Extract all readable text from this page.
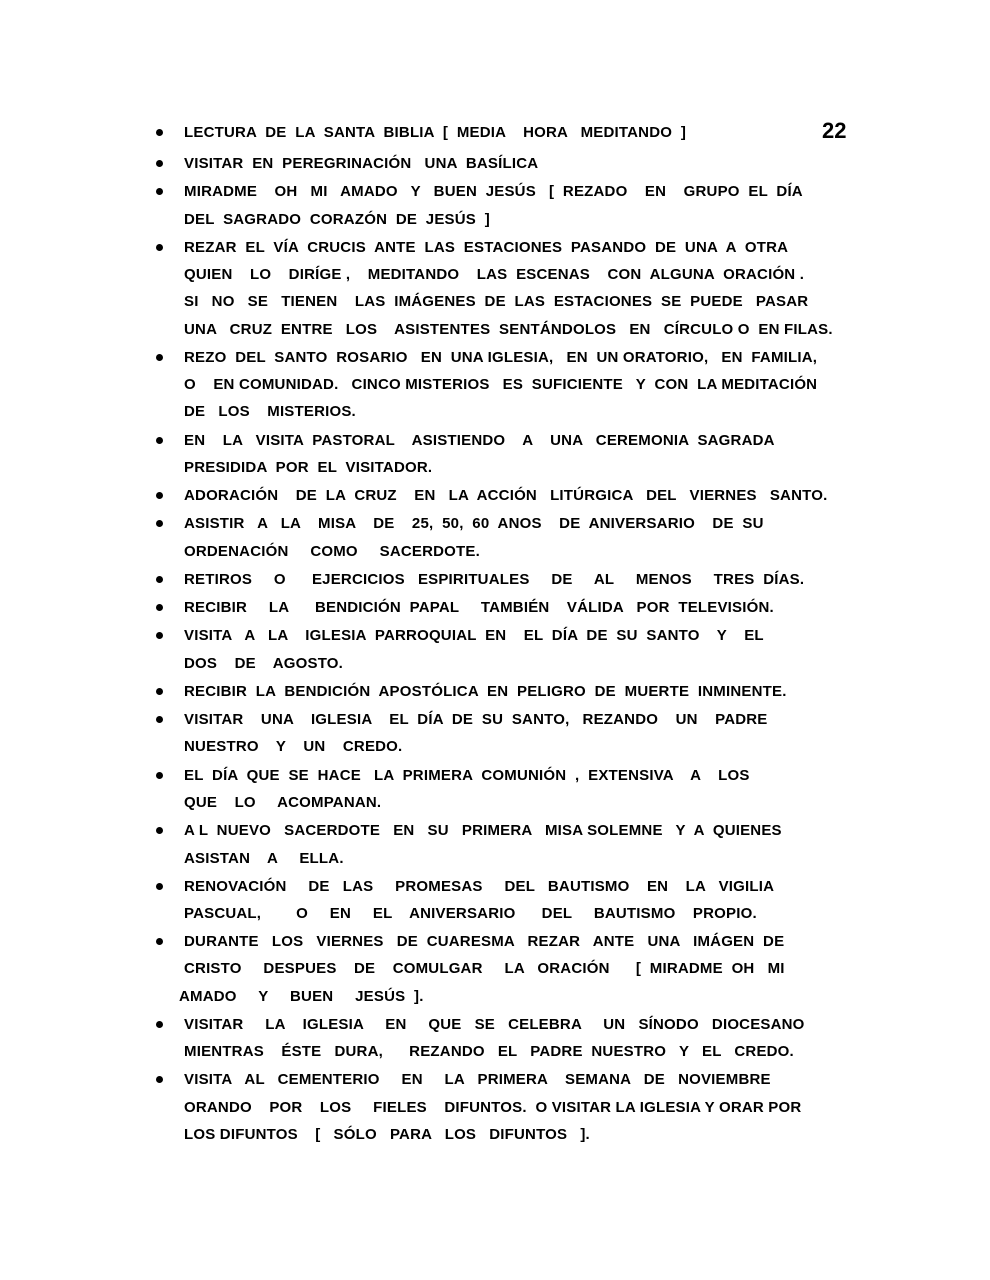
22
LECTURA  DE  LA  SANTA  BIBLIA  [  MEDIA    HORA   MEDITANDO  ]
VISITAR  EN  PEREGRINACIÓN   UNA  BASÍLICA
MIRADME    OH   MI   AMADO   Y   BUEN  JESÚS   [  REZADO    EN    GRUPO  EL  DÍA
DEL  SAGRADO  CORAZÓN  DE  JESÚS  ]
REZAR  EL  VÍA  CRUCIS  ANTE  LAS  ESTACIONES  PASANDO  DE  UNA  A  OTRA
QUIEN    LO    DIRÍGE ,    MEDITANDO    LAS  ESCENAS    CON  ALGUNA  ORACIÓN .
SI   NO   SE   TIENEN    LAS  IMÁGENES  DE  LAS  ESTACIONES  SE  PUEDE   PASAR
UNA   CRUZ  ENTRE   LOS    ASISTENTES  SENTÁNDOLOS   EN   CÍRCULO O  EN FILAS.
REZO  DEL  SANTO  ROSARIO   EN  UNA IGLESIA,   EN  UN ORATORIO,   EN  FAMILIA,
O    EN COMUNIDAD.   CINCO MISTERIOS   ES  SUFICIENTE   Y  CON  LA MEDITACIÓN
DE   LOS    MISTERIOS.
EN    LA   VISITA  PASTORAL    ASISTIENDO    A    UNA   CEREMONIA  SAGRADA
PRESIDIDA  POR  EL  VISITADOR.
ADORACIÓN    DE  LA  CRUZ    EN   LA  ACCIÓN   LITÚRGICA   DEL   VIERNES   SANTO.
ASISTIR   A   LA    MISA    DE    25,  50,  60  ANOS    DE  ANIVERSARIO    DE  SU
ORDENACIÓN     COMO     SACERDOTE.
RETIROS     O      EJERCICIOS   ESPIRITUALES     DE     AL     MENOS     TRES  DÍAS.
RECIBIR     LA      BENDICIÓN  PAPAL     TAMBIÉN    VÁLIDA   POR  TELEVISIÓN.
VISITA   A   LA    IGLESIA  PARROQUIAL  EN    EL  DÍA  DE  SU  SANTO    Y    EL
DOS    DE    AGOSTO.
RECIBIR  LA  BENDICIÓN  APOSTÓLICA  EN  PELIGRO  DE  MUERTE  INMINENTE.
VISITAR    UNA    IGLESIA    EL  DÍA  DE  SU  SANTO,   REZANDO    UN    PADRE
NUESTRO    Y    UN    CREDO.
EL  DÍA  QUE  SE  HACE   LA  PRIMERA  COMUNIÓN  ,  EXTENSIVA    A    LOS
QUE    LO     ACOMPANAN.
A L  NUEVO   SACERDOTE   EN   SU   PRIMERA   MISA SOLEMNE   Y  A  QUIENES
ASISTAN    A     ELLA.
RENOVACIÓN     DE   LAS     PROMESAS     DEL   BAUTISMO    EN    LA   VIGILIA
PASCUAL,        O     EN     EL    ANIVERSARIO      DEL     BAUTISMO    PROPIO.
DURANTE   LOS   VIERNES   DE  CUARESMA   REZAR   ANTE   UNA   IMÁGEN  DE
CRISTO     DESPUES    DE    COMULGAR     LA   ORACIÓN      [  MIRADME  OH   MI
AMADO     Y     BUEN     JESÚS  ].
VISITAR     LA    IGLESIA     EN     QUE   SE   CELEBRA     UN   SÍNODO   DIOCESANO
MIENTRAS    ÉSTE   DURA,      REZANDO   EL   PADRE  NUESTRO   Y   EL   CREDO.
VISITA   AL   CEMENTERIO     EN     LA   PRIMERA    SEMANA   DE   NOVIEMBRE
ORANDO    POR    LOS     FIELES    DIFUNTOS.  O VISITAR LA IGLESIA Y ORAR POR
LOS DIFUNTOS    [   SÓLO   PARA   LOS   DIFUNTOS   ].
